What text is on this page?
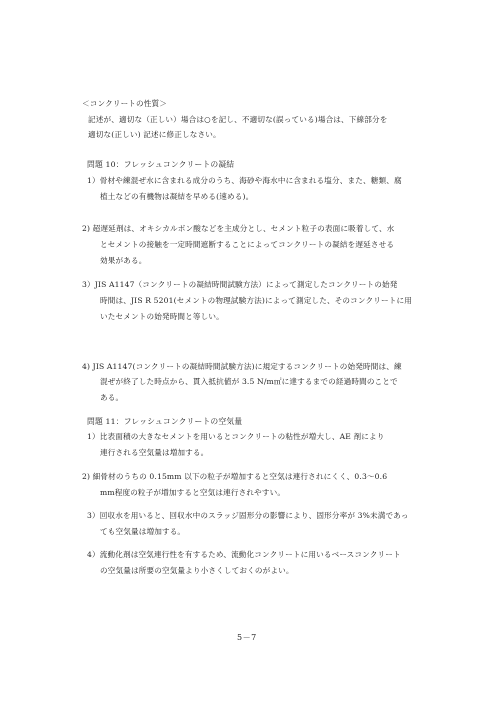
＜コンクリートの性質＞
記述が、適切な（正しい）場合は○を記し、不適切な(誤っている)場合は、下線部分を
適切な(正しい) 記述に修正しなさい。
問題 10：フレッシュコンクリートの凝結
1）骨材や練混ぜ水に含まれる成分のうち、海砂や海水中に含まれる塩分、また、糖類、腐
植土などの有機物は凝結を早める(速める)。
2) 超遅延剤は、オキシカルボン酸などを主成分とし、セメント粒子の表面に吸着して、水
とセメントの接触を一定時間遮断することによってコンクリートの凝結を遅延させる
効果がある。
3）JIS A1147（コンクリートの凝結時間試験方法）によって測定したコンクリートの始発
時間は、JIS R 5201(セメントの物理試験方法)によって測定した、そのコンクリートに用
いたセメントの始発時間と等しい。
4) JIS A1147(コンクリートの凝結時間試験方法)に規定するコンクリートの始発時間は、練
混ぜが終了した時点から、貫入抵抗値が 3.5 N/m㎡に達するまでの経過時間のことで
ある。
問題 11：フレッシュコンクリートの空気量
1）比表面積の大きなセメントを用いるとコンクリートの粘性が増大し、AE 剤により
連行される空気量は増加する。
2) 細骨材のうちの 0.15mm 以下の粒子が増加すると空気は連行されにくく、0.3～0.6
mm程度の粒子が増加すると空気は連行されやすい。
3）回収水を用いると、回収水中のスラッジ固形分の影響により、固形分率が 3%未満であっ
ても空気量は増加する。
4）流動化剤は空気連行性を有するため、流動化コンクリートに用いるベースコンクリート
の空気量は所要の空気量より小さくしておくのがよい。
5－7
